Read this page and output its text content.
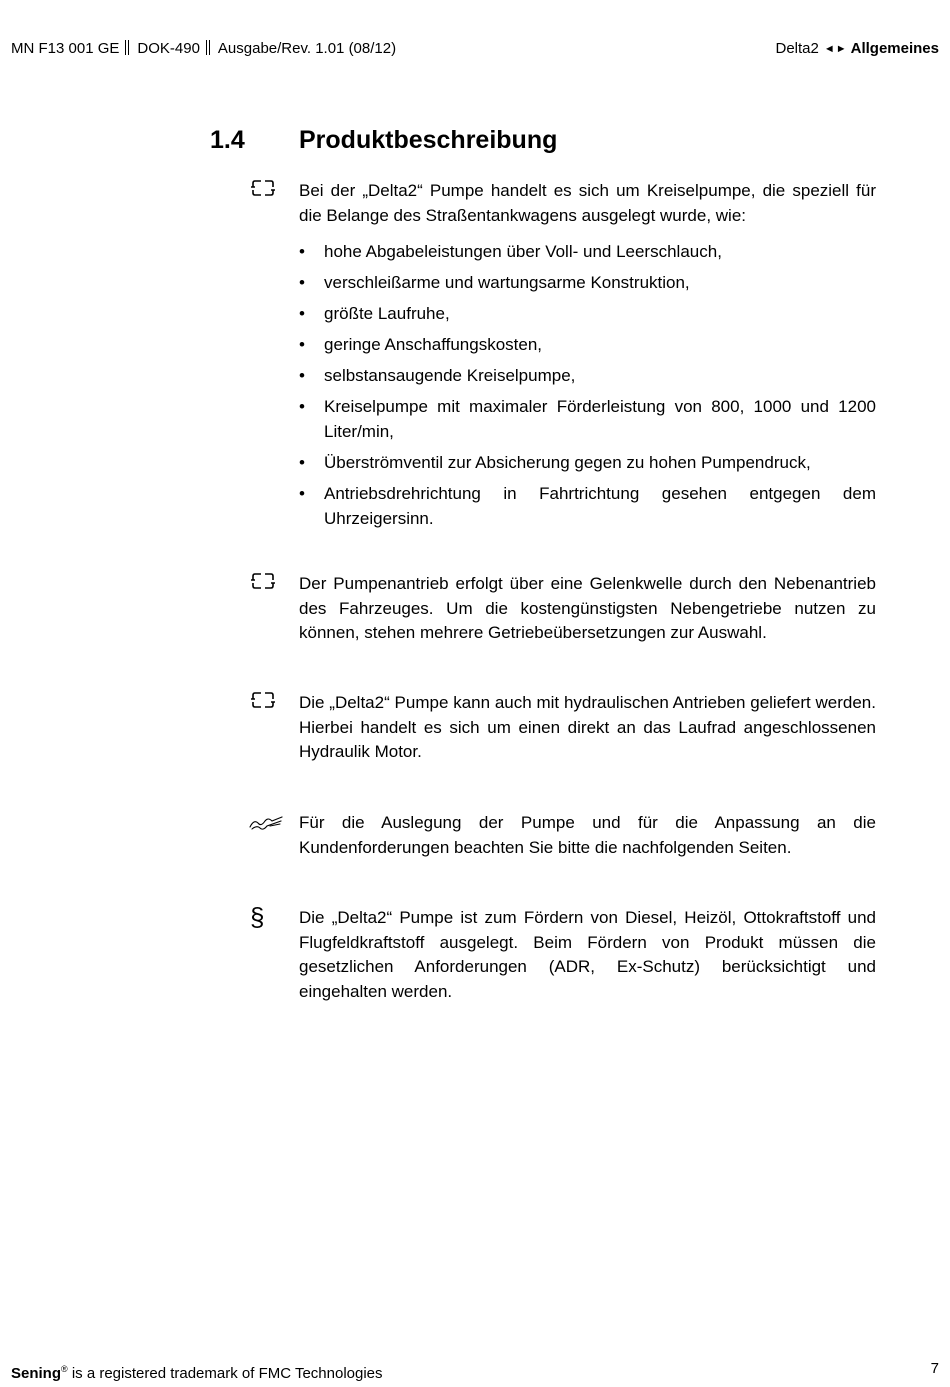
MN F13 001 GE DOK-490 Ausgabe/Rev. 1.01 (08/12)	Delta2 ◄► Allgemeines
1.4 Produktbeschreibung
Bei der „Delta2“ Pumpe handelt es sich um Kreiselpumpe, die speziell für die Belange des Straßentankwagens ausgelegt wurde, wie:
• hohe Abgabeleistungen über Voll- und Leerschlauch,
• verschleißarme und wartungsarme Konstruktion,
• größte Laufruhe,
• geringe Anschaffungskosten,
• selbstansaugende Kreiselpumpe,
• Kreiselpumpe mit maximaler Förderleistung von 800, 1000 und 1200 Liter/min,
• Überströmventil zur Absicherung gegen zu hohen Pumpendruck,
• Antriebsdrehrichtung in Fahrtrichtung gesehen entgegen dem Uhrzeigersinn.
Der Pumpenantrieb erfolgt über eine Gelenkwelle durch den Nebenantrieb des Fahrzeuges. Um die kostengünstigsten Nebengetriebe nutzen zu können, stehen mehrere Getriebeübersetzungen zur Auswahl.
Die „Delta2“ Pumpe kann auch mit hydraulischen Antrieben geliefert werden. Hierbei handelt es sich um einen direkt an das Laufrad angeschlossenen Hydraulik Motor.
Für die Auslegung der Pumpe und für die Anpassung an die Kundenforderungen beachten Sie bitte die nachfolgenden Seiten.
§	Die „Delta2“ Pumpe ist zum Fördern von Diesel, Heizöl, Ottokraftstoff und Flugfeldkraftstoff ausgelegt. Beim Fördern von Produkt müssen die gesetzlichen Anforderungen (ADR, Ex-Schutz) berücksichtigt und eingehalten werden.
Sening® is a registered trademark of FMC Technologies	7
